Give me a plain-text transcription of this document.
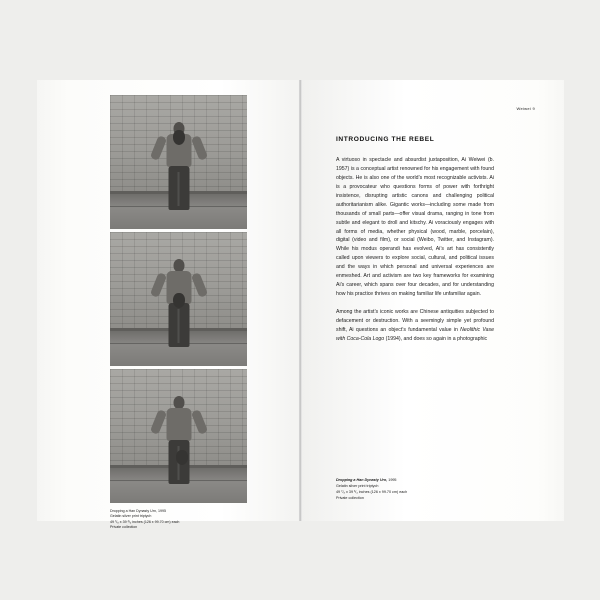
Dropping a Han Dynasty Urn, 1995
Gelatin silver print triptych
49 ⁷/₈ x 39 ³/₄ inches (126 x 99.70 cm) each
Private collection
Weiwei 9
INTRODUCING THE REBEL

A virtuoso in spectacle and absurdist juxtaposition, Ai Weiwei (b. 1957) is a conceptual artist renowned for his engagement with found objects. He is also one of the world’s most recognizable activists. Ai is a provocateur who questions forms of power with forthright insistence, disrupting artistic canons and challenging political authoritarianism alike. Gigantic works—including some made from thousands of small parts—offer visual drama, ranging in tone from subtle and elegant to droll and kitschy. Ai voraciously engages with all forms of media, whether physical (wood, marble, porcelain), digital (video and film), or social (Weibo, Twitter, and Instagram). While his modus operandi has evolved, Ai’s art has consistently called upon viewers to explore social, cultural, and political issues and the ways in which personal and universal experiences are enmeshed. Art and activism are two key frameworks for examining Ai’s career, which spans over four decades, and for understanding how his practice thrives on making familiar life unfamiliar again.

Among the artist’s iconic works are Chinese antiquities subjected to defacement or destruction. With a seemingly simple yet profound shift, Ai questions an object’s fundamental value in Neolithic Vase with Coca-Cola Logo (1994), and does so again in a photographic

Dropping a Han Dynasty Urn, 1995
Gelatin silver print triptych
49 ⁷/₈ x 39 ³/₄ inches (126 x 99.70 cm) each
Private collection
